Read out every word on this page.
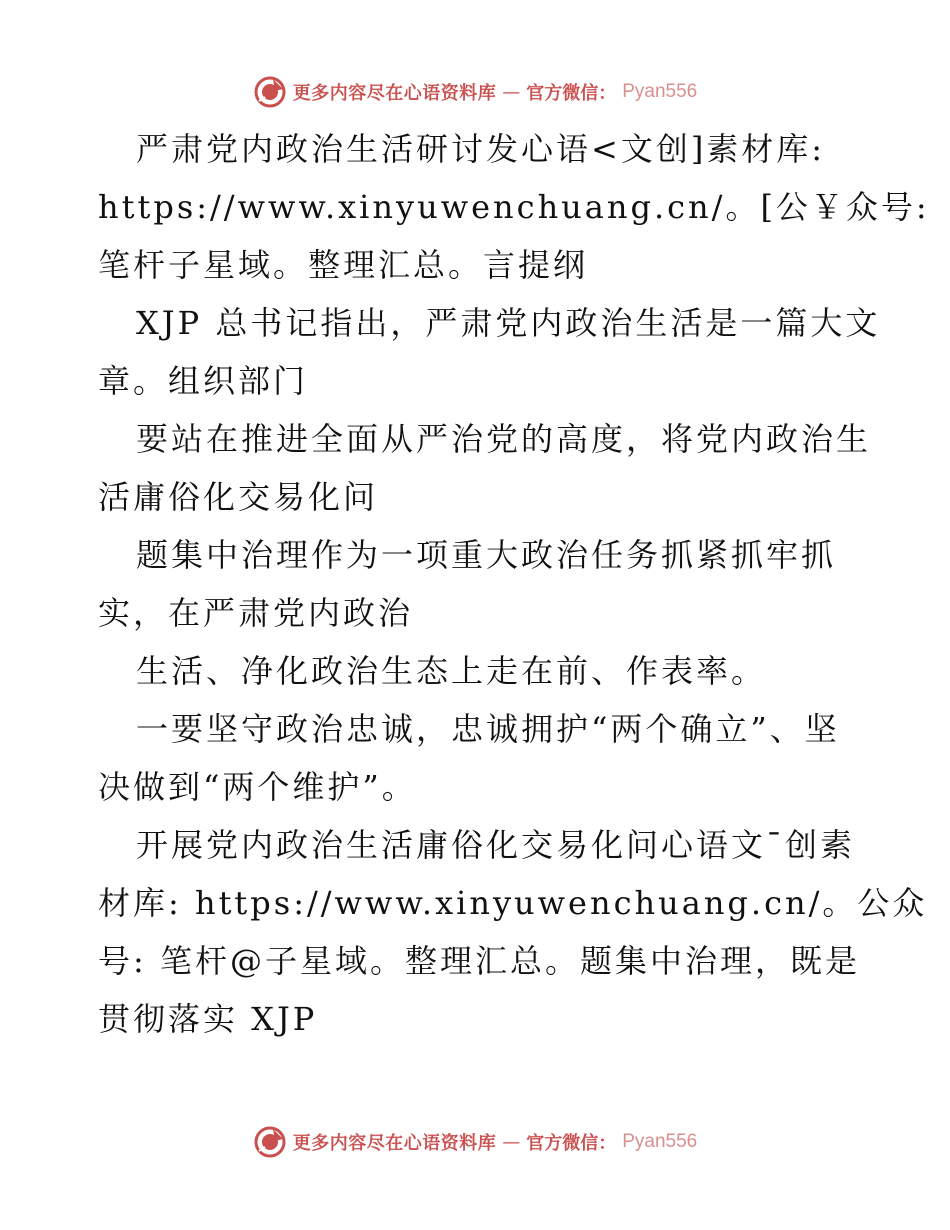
更多内容尽在心语资料库 — 官方微信： Pyan556
严肃党内政治生活研讨发心语<文创]素材库:
https://www.xinyuwenchuang.cn/。[公￥众号:
笔杆子星域。整理汇总。言提纲
XJP 总书记指出，严肃党内政治生活是一篇大文
章。组织部门
要站在推进全面从严治党的高度，将党内政治生
活庸俗化交易化问
题集中治理作为一项重大政治任务抓紧抓牢抓
实，在严肃党内政治
生活、净化政治生态上走在前、作表率。
一要坚守政治忠诚，忠诚拥护“两个确立”、坚
决做到“两个维护”。
开展党内政治生活庸俗化交易化问心语文¯创素
材库: https://www.xinyuwenchuang.cn/。公众
号: 笔杆@子星域。整理汇总。题集中治理，既是
贯彻落实 XJP
更多内容尽在心语资料库 — 官方微信： Pyan556
